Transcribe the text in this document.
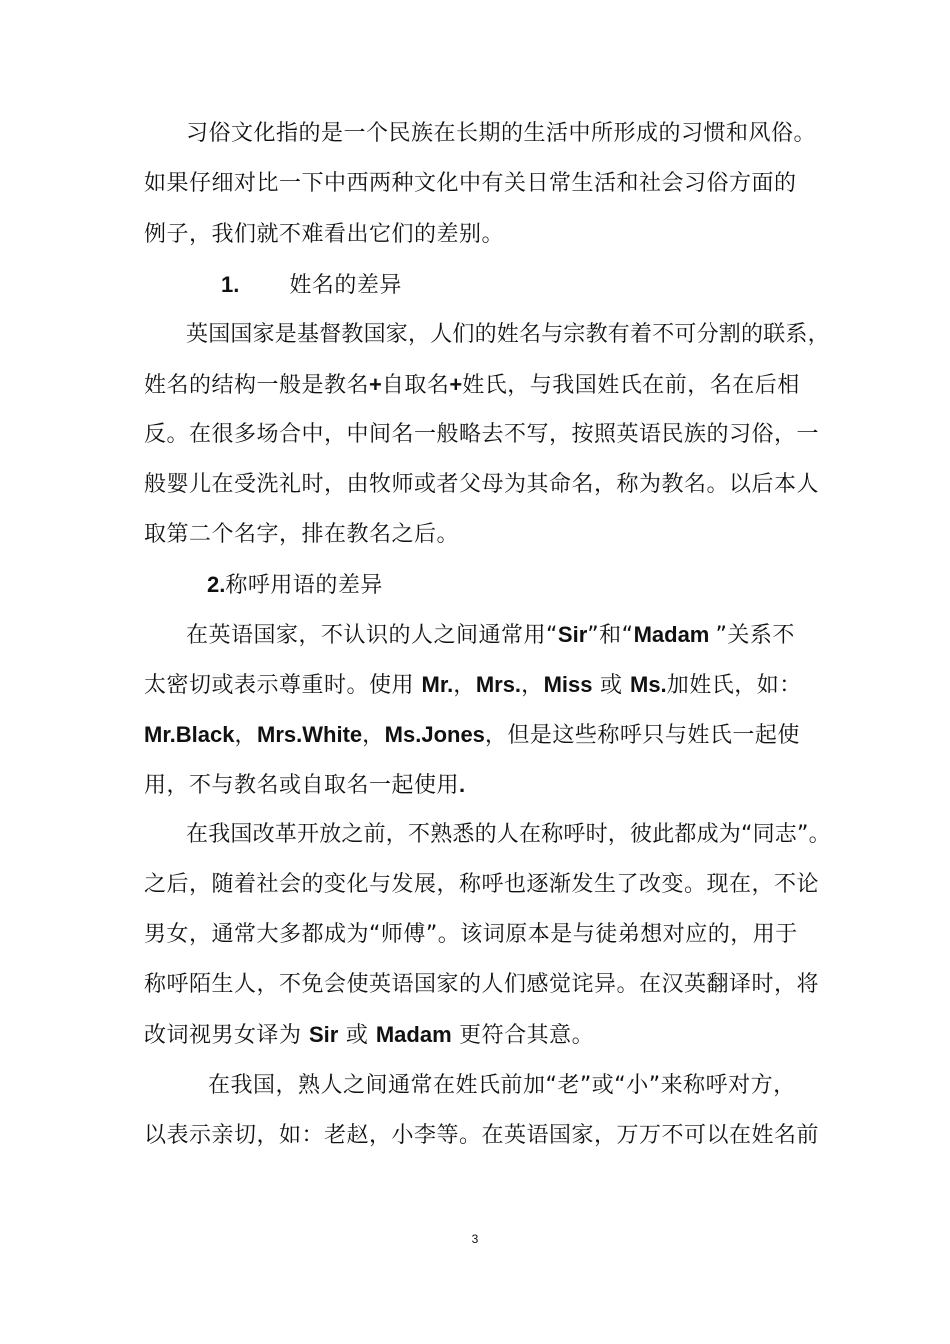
习俗文化指的是一个民族在长期的生活中所形成的习惯和风俗。
如果仔细对比一下中西两种文化中有关日常生活和社会习俗方面的
例子，我们就不难看出它们的差别。
1. 姓名的差异
英国国家是基督教国家，人们的姓名与宗教有着不可分割的联系，
姓名的结构一般是教名+自取名+姓氏，与我国姓氏在前，名在后相
反。在很多场合中，中间名一般略去不写，按照英语民族的习俗，一
般婴儿在受洗礼时，由牧师或者父母为其命名，称为教名。以后本人
取第二个名字，排在教名之后。
2.称呼用语的差异
在英语国家，不认识的人之间通常用“Sir”和“Madam ”关系不
太密切或表示尊重时。使用 Mr.，Mrs.，Miss 或 Ms.加姓氏，如：
Mr.Black，Mrs.White，Ms.Jones，但是这些称呼只与姓氏一起使
用，不与教名或自取名一起使用.
在我国改革开放之前，不熟悉的人在称呼时，彼此都成为“同志”。
之后，随着社会的变化与发展，称呼也逐渐发生了改变。现在，不论
男女，通常大多都成为“师傅”。该词原本是与徒弟想对应的，用于
称呼陌生人，不免会使英语国家的人们感觉诧异。在汉英翻译时，将
改词视男女译为 Sir 或 Madam 更符合其意。
在我国，熟人之间通常在姓氏前加“老”或“小”来称呼对方，
以表示亲切，如：老赵，小李等。在英语国家，万万不可以在姓名前
3
